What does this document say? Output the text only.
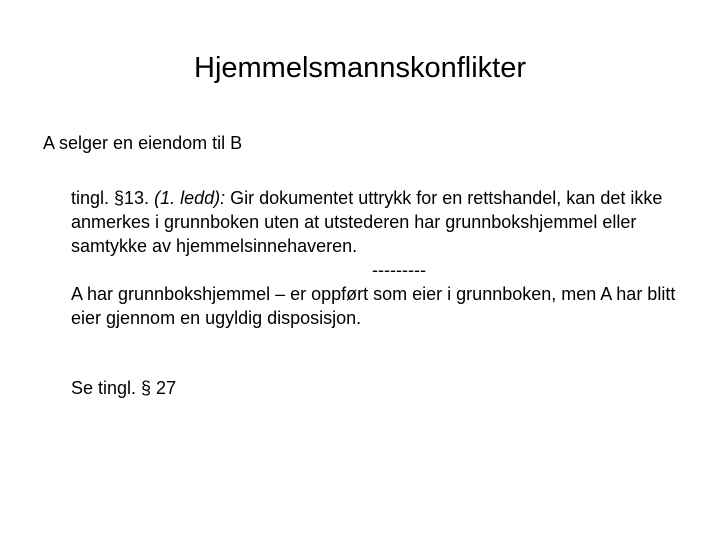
Hjemmelsmannskonflikter
A selger en eiendom til B

tingl. §13. (1. ledd): Gir dokumentet uttrykk for en rettshandel, kan det ikke anmerkes i grunnboken uten at utstederen har grunnbokshjemmel eller samtykke av hjemmelsinnehaveren.

---------

A har grunnbokshjemmel – er oppført som eier i grunnboken, men A har blitt eier gjennom en ugyldig disposisjon.

Se tingl. § 27
